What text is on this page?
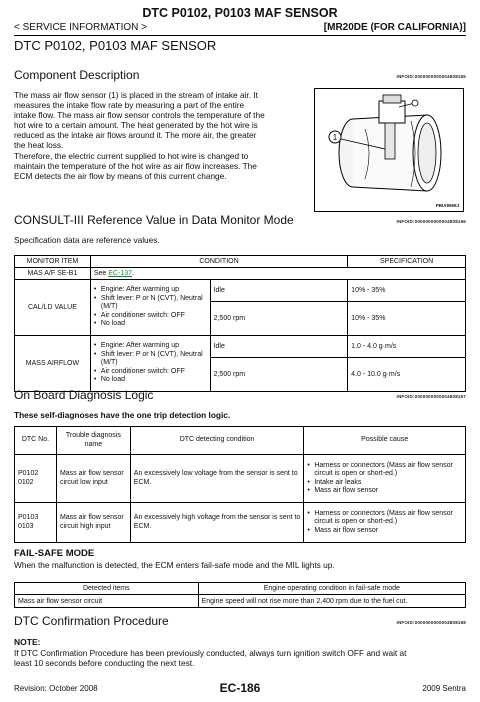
DTC P0102, P0103 MAF SENSOR
< SERVICE INFORMATION >	[MR20DE (FOR CALIFORNIA)]
DTC P0102, P0103 MAF SENSOR
Component Description	INFOID:0000000000004808165
The mass air flow sensor (1) is placed in the stream of intake air. It
measures the intake flow rate by measuring a part of the entire
intake flow. The mass air flow sensor controls the temperature of the
hot wire to a certain amount. The heat generated by the hot wire is
reduced as the intake air flows around it. The more air, the greater
the heat loss.
Therefore, the electric current supplied to hot wire is changed to
maintain the temperature of the hot wire as air flow increases. The
ECM detects the air flow by means of this current change.
1
PBIA9559J
CONSULT-III Reference Value in Data Monitor Mode	INFOID:0000000000004808166
Specification data are reference values.
MONITOR ITEM	CONDITION		SPECIFICATION
MAS A/F SE-B1	See EC-137.		
CAL/LD VALUE	• Engine: After warming up
• Shift lever: P or N (CVT), Neutral (M/T)
• Air conditioner switch: OFF
• No load	Idle	10% - 35%
		2,500 rpm	10% - 35%
MASS AIRFLOW	• Engine: After warming up
• Shift lever: P or N (CVT), Neutral (M/T)
• Air conditioner switch: OFF
• No load	Idle	1.0 - 4.0 g·m/s
		2,500 rpm	4.0 - 10.0 g·m/s
On Board Diagnosis Logic	INFOID:0000000000004808167
These self-diagnoses have the one trip detection logic.
DTC No.	Trouble diagnosis name	DTC detecting condition	Possible cause

P0102
0102	Mass air flow sensor circuit low input	An excessively low voltage from the sensor is sent to ECM.	• Harness or connectors (Mass air flow sensor circuit is open or short-ed.)
• Intake air leaks
• Mass air flow sensor

P0103
0103	Mass air flow sensor circuit high input	An excessively high voltage from the sensor is sent to ECM.	• Harness or connectors (Mass air flow sensor circuit is open or short-ed.)
• Mass air flow sensor
FAIL-SAFE MODE
When the malfunction is detected, the ECM enters fail-safe mode and the MIL lights up.
Detected items	Engine operating condition in fail-safe mode
Mass air flow sensor circuit	Engine speed will not rise more than 2,400 rpm due to the fuel cut.
DTC Confirmation Procedure	INFOID:0000000000004808168
NOTE:
If DTC Confirmation Procedure has been previously conducted, always turn ignition switch OFF and wait at
least 10 seconds before conducting the next test.
Revision: October 2008	EC-186	2009 Sentra
